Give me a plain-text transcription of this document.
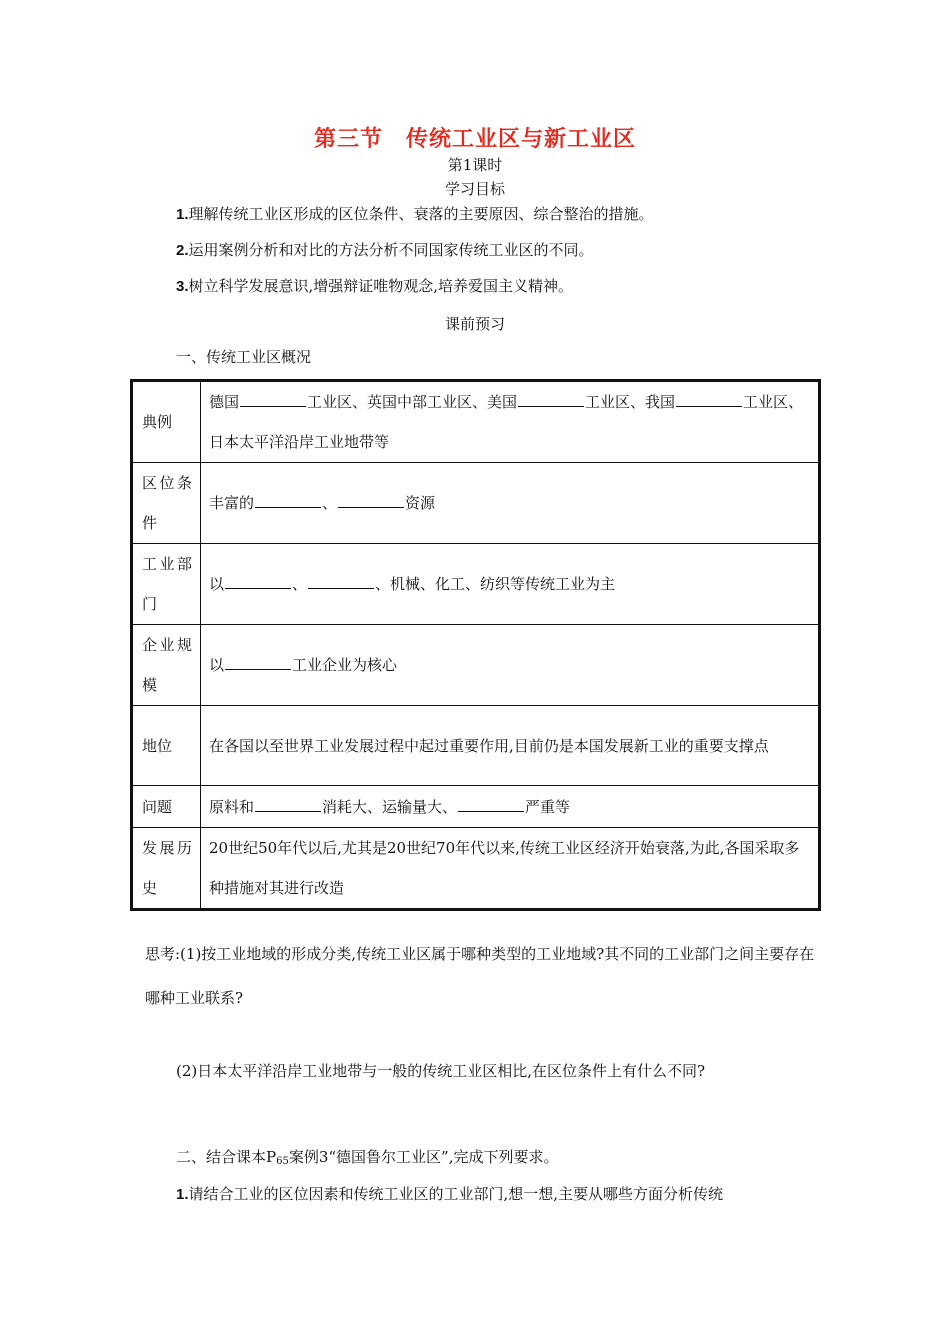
第三节　传统工业区与新工业区
第1课时
学习目标
1.理解传统工业区形成的区位条件、衰落的主要原因、综合整治的措施。
2.运用案例分析和对比的方法分析不同国家传统工业区的不同。
3.树立科学发展意识,增强辩证唯物观念,培养爱国主义精神。
课前预习
一、传统工业区概况
典例	德国 工业区、英国中部工业区、美国 工业区、我国 工业区、日本太平洋沿岸工业地带等
区位条件	丰富的 、 资源
工业部门	以 、 、机械、化工、纺织等传统工业为主
企业规模	以 工业企业为核心
地位	在各国以至世界工业发展过程中起过重要作用,目前仍是本国发展新工业的重要支撑点
问题	原料和 消耗大、运输量大、 严重等
发展历史	20世纪50年代以后,尤其是20世纪70年代以来,传统工业区经济开始衰落,为此,各国采取多种措施对其进行改造
思考:(1)按工业地域的形成分类,传统工业区属于哪种类型的工业地域?其不同的工业部门之间主要存在哪种工业联系?
(2)日本太平洋沿岸工业地带与一般的传统工业区相比,在区位条件上有什么不同?
二、结合课本$P_{65}$案例3“德国鲁尔工业区”,完成下列要求。
1.请结合工业的区位因素和传统工业区的工业部门,想一想,主要从哪些方面分析传统
